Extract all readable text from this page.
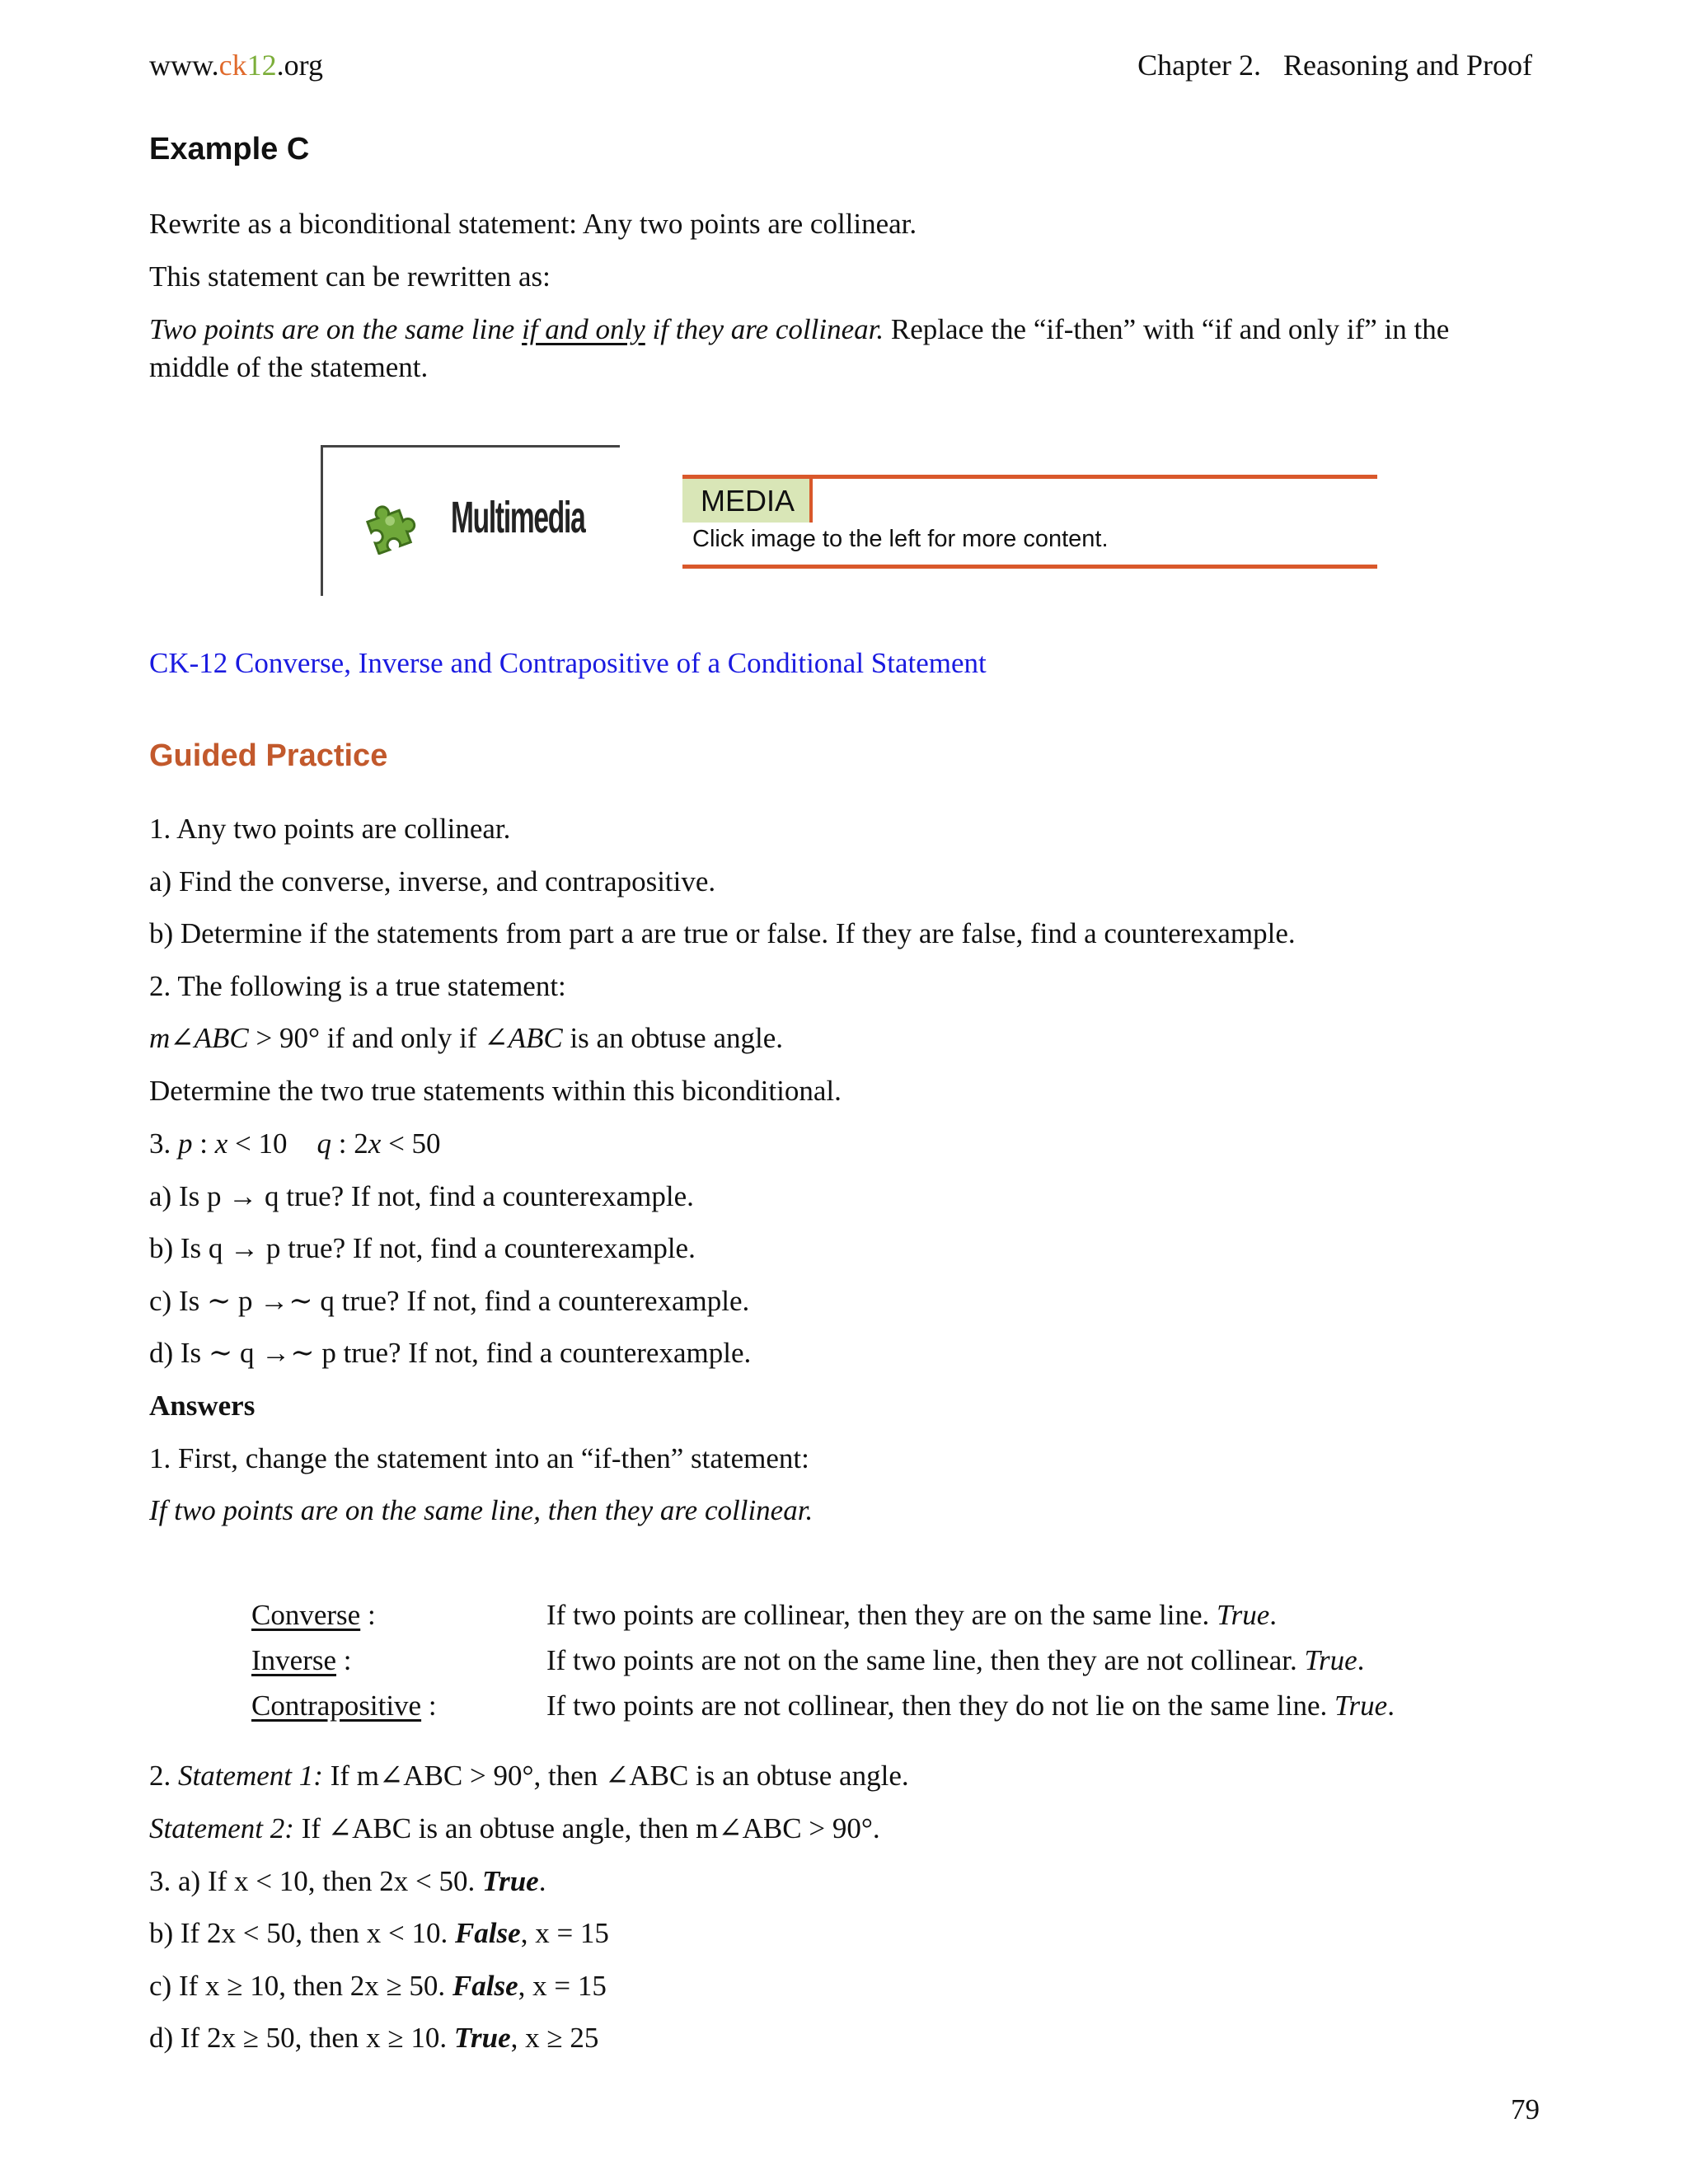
www.ck12.org	Chapter 2.   Reasoning and Proof
Example C
Rewrite as a biconditional statement: Any two points are collinear.
This statement can be rewritten as:
Two points are on the same line if and only if they are collinear. Replace the “if-then” with “if and only if” in the
middle of the statement.
Multimedia	MEDIA
Click image to the left for more content.
CK-12 Converse, Inverse and Contrapositive of a Conditional Statement
Guided Practice
1. Any two points are collinear.
a) Find the converse, inverse, and contrapositive.
b) Determine if the statements from part a are true or false. If they are false, find a counterexample.
2. The following is a true statement:
m∠ABC > 90° if and only if ∠ABC is an obtuse angle.
Determine the two true statements within this biconditional.
3. p : x < 10 q : 2x < 50
a) Is p → q true? If not, find a counterexample.
b) Is q → p true? If not, find a counterexample.
c) Is ∼ p →∼ q true? If not, find a counterexample.
d) Is ∼ q →∼ p true? If not, find a counterexample.
Answers
1. First, change the statement into an “if-then” statement:
If two points are on the same line, then they are collinear.
Converse :	If two points are collinear, then they are on the same line. True.
Inverse :	If two points are not on the same line, then they are not collinear. True.
Contrapositive :	If two points are not collinear, then they do not lie on the same line. True.
2. Statement 1: If m∠ABC > 90°, then ∠ABC is an obtuse angle.
Statement 2: If ∠ABC is an obtuse angle, then m∠ABC > 90°.
3. a) If x < 10, then 2x < 50. True.
b) If 2x < 50, then x < 10. False, x = 15
c) If x ≥ 10, then 2x ≥ 50. False, x = 15
d) If 2x ≥ 50, then x ≥ 10. True, x ≥ 25
79
